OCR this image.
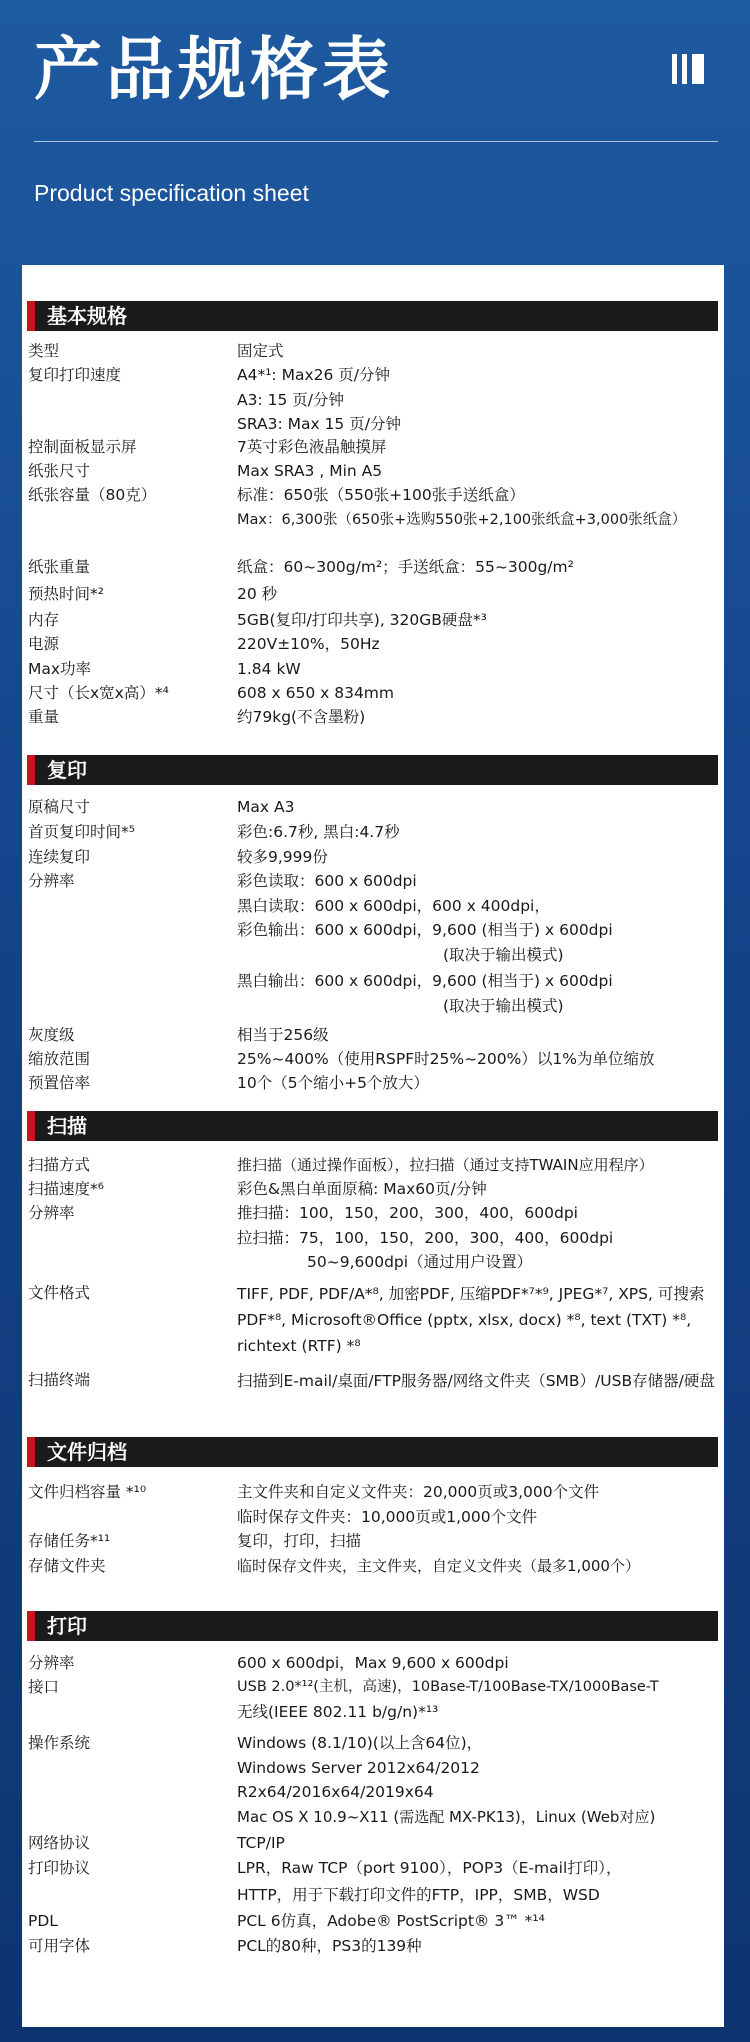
产品规格表
Product specification sheet
基本规格
类型	固定式
复印打印速度	A4*¹: Max26 页/分钟
A3: 15 页/分钟
SRA3: Max 15 页/分钟
控制面板显示屏	7英寸彩色液晶触摸屏
纸张尺寸	Max SRA3 , Min A5
纸张容量（80克）	标准：650张（550张+100张手送纸盒）
Max：6,300张（650张+选购550张+2,100张纸盒+3,000张纸盒）
纸张重量	纸盒：60~300g/m²；手送纸盒：55~300g/m²
预热时间*²	20 秒
内存	5GB(复印/打印共享), 320GB硬盘*³
电源	220V±10%，50Hz
Max功率	1.84 kW
尺寸（长x宽x高）*⁴	608 x 650 x 834mm
重量	约79kg(不含墨粉)
复印
原稿尺寸	Max A3
首页复印时间*⁵	彩色:6.7秒, 黑白:4.7秒
连续复印	较多9,999份
分辨率	彩色读取：600 x 600dpi
黑白读取：600 x 600dpi，600 x 400dpi，
彩色输出：600 x 600dpi，9,600 (相当于) x 600dpi
(取决于输出模式)
黑白输出：600 x 600dpi，9,600 (相当于) x 600dpi
(取决于输出模式)
灰度级	相当于256级
缩放范围	25%~400%（使用RSPF时25%~200%）以1%为单位缩放
预置倍率	10个（5个缩小+5个放大）
扫描
扫描方式	推扫描（通过操作面板），拉扫描（通过支持TWAIN应用程序）
扫描速度*⁶	彩色&黑白单面原稿: Max60页/分钟
分辨率	推扫描：100，150，200，300，400，600dpi
拉扫描：75，100，150，200，300，400，600dpi
50~9,600dpi（通过用户设置）
文件格式	TIFF, PDF, PDF/A*⁸, 加密PDF, 压缩PDF*⁷*⁹, JPEG*⁷, XPS, 可搜索PDF*⁸, Microsoft®Office (pptx, xlsx, docx) *⁸, text (TXT) *⁸, richtext (RTF) *⁸
扫描终端	扫描到E-mail/桌面/FTP服务器/网络文件夹（SMB）/USB存储器/硬盘
文件归档
文件归档容量 *¹⁰	主文件夹和自定义文件夹：20,000页或3,000个文件
临时保存文件夹：10,000页或1,000个文件
存储任务*¹¹	复印，打印，扫描
存储文件夹	临时保存文件夹，主文件夹，自定义文件夹（最多1,000个）
打印
分辨率	600 x 600dpi，Max 9,600 x 600dpi
接口	USB 2.0*¹²(主机，高速)，10Base-T/100Base-TX/1000Base-T
无线(IEEE 802.11 b/g/n)*¹³
操作系统	Windows (8.1/10)(以上含64位)，
Windows Server 2012x64/2012
R2x64/2016x64/2019x64
Mac OS X 10.9~X11 (需选配 MX-PK13)，Linux (Web对应)
网络协议	TCP/IP
打印协议	LPR，Raw TCP（port 9100），POP3（E-mail打印），
HTTP，用于下载打印文件的FTP，IPP，SMB，WSD
PDL	PCL 6仿真，Adobe® PostScript® 3™ *¹⁴
可用字体	PCL的80种，PS3的139种
